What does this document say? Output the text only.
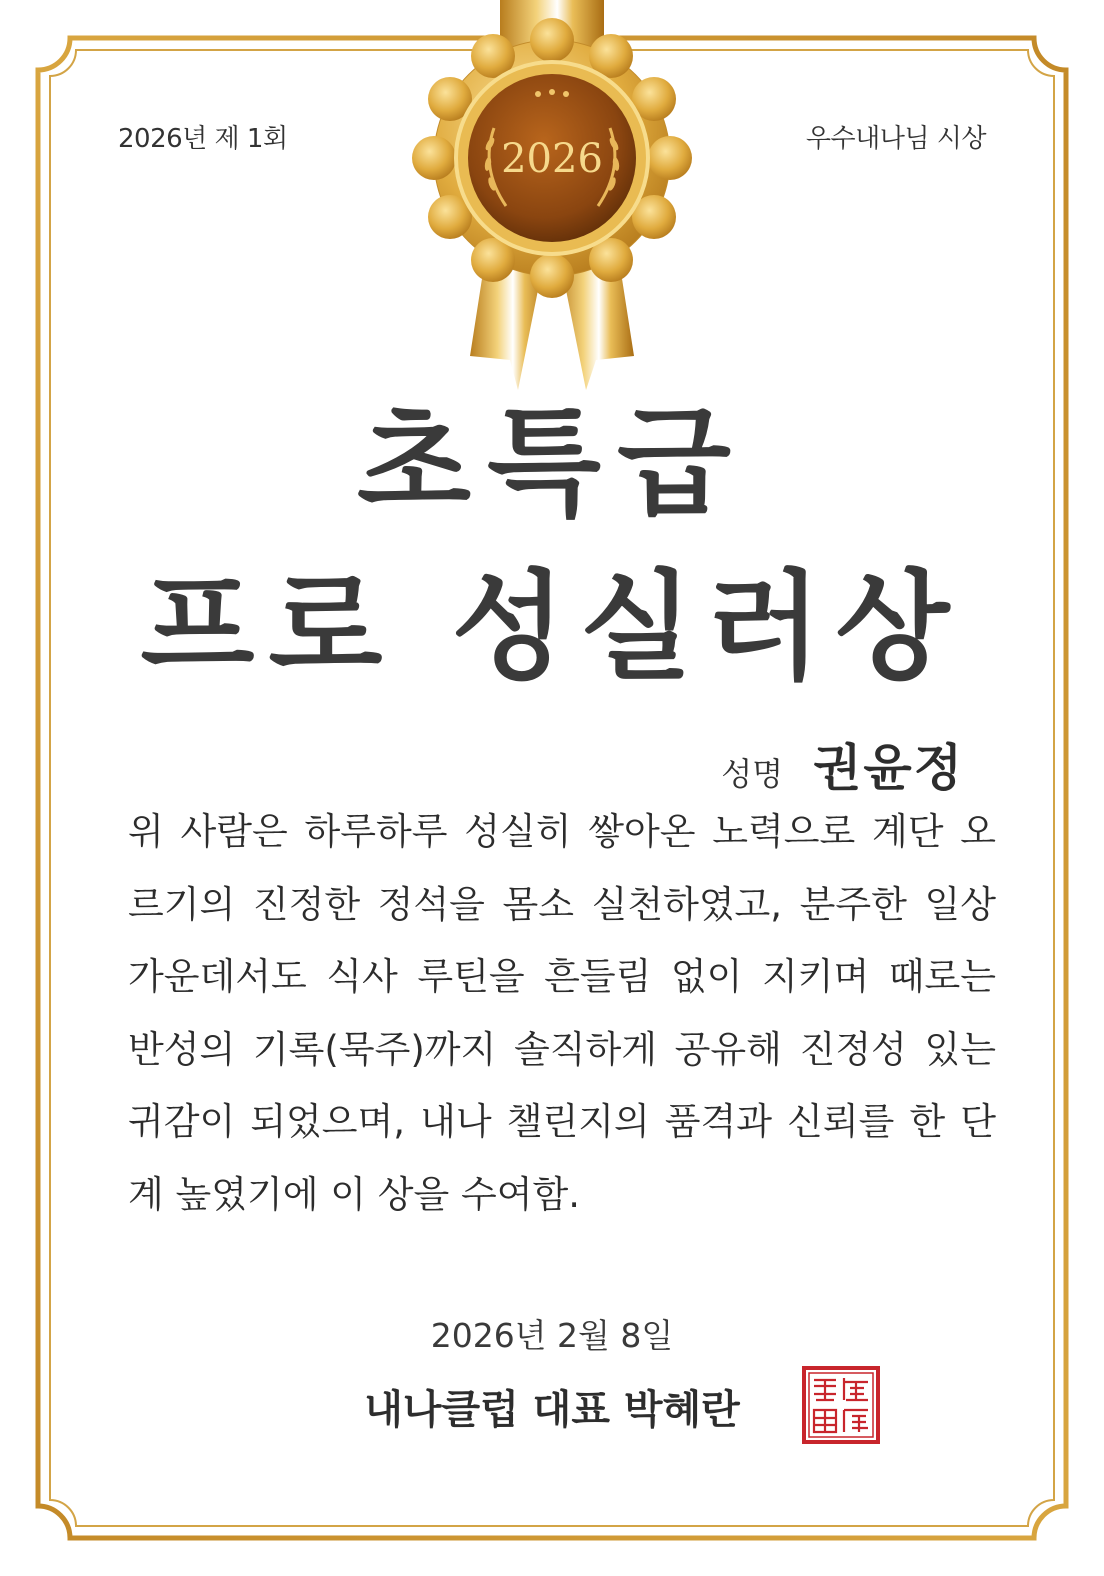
2026
2026년 제 1회	우수내나님 시상
초특급
프로 성실러상
성명 권윤정
위 사람은 하루하루 성실히 쌓아온 노력으로 계단 오르기의 진정한 정석을 몸소 실천하였고, 분주한 일상 가운데서도 식사 루틴을 흔들림 없이 지키며 때로는 반성의 기록(묵주)까지 솔직하게 공유해 진정성 있는 귀감이 되었으며, 내나 챌린지의 품격과 신뢰를 한 단계 높였기에 이 상을 수여함.
2026년 2월 8일
내나클럽 대표 박혜란
